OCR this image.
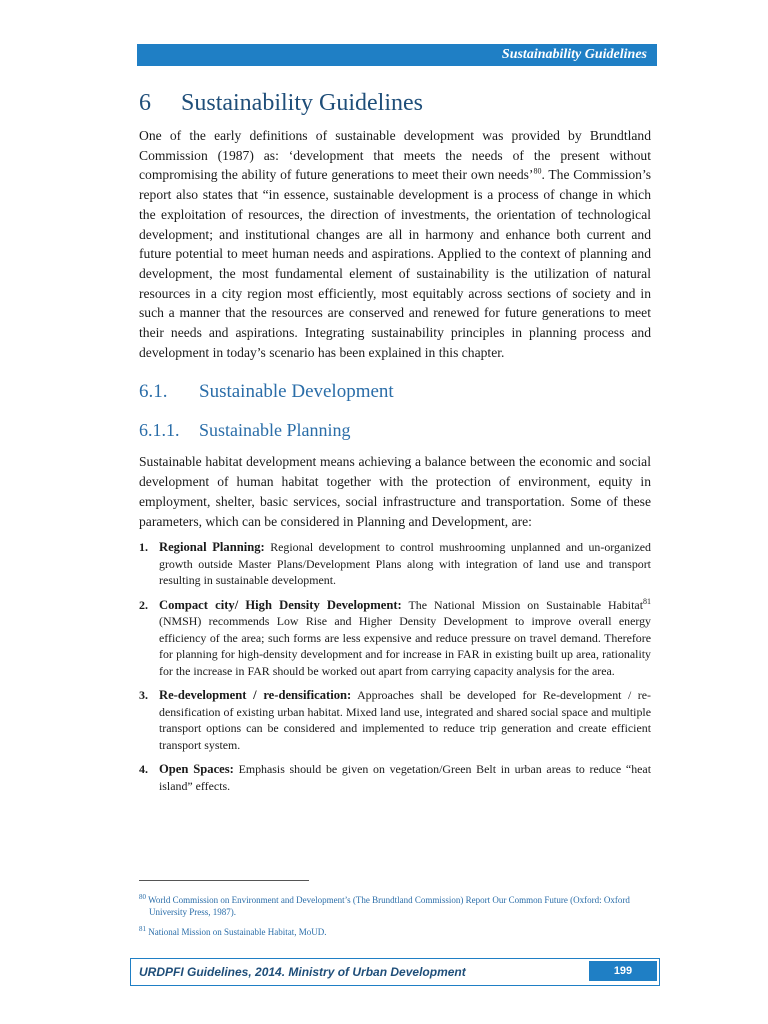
Sustainability Guidelines
6 Sustainability Guidelines

One of the early definitions of sustainable development was provided by Brundtland Commission (1987) as: ‘development that meets the needs of the present without compromising the ability of future generations to meet their own needs’$^{80}$. The Commission’s report also states that “in essence, sustainable development is a process of change in which the exploitation of resources, the direction of investments, the orientation of technological development; and institutional changes are all in harmony and enhance both current and future potential to meet human needs and aspirations. Applied to the context of planning and development, the most fundamental element of sustainability is the utilization of natural resources in a city region most efficiently, most equitably across sections of society and in such a manner that the resources are conserved and renewed for future generations to meet their needs and aspirations. Integrating sustainability principles in planning process and development in today’s scenario has been explained in this chapter.

6.1. Sustainable Development
6.1.1. Sustainable Planning

Sustainable habitat development means achieving a balance between the economic and social development of human habitat together with the protection of environment, equity in employment, shelter, basic services, social infrastructure and transportation. Some of these parameters, which can be considered in Planning and Development, are:

1. Regional Planning: Regional development to control mushrooming unplanned and un-organized growth outside Master Plans/Development Plans along with integration of land use and transport resulting in sustainable development.
2. Compact city/ High Density Development: The National Mission on Sustainable Habitat$^{81}$ (NMSH) recommends Low Rise and Higher Density Development to improve overall energy efficiency of the area; such forms are less expensive and reduce pressure on travel demand. Therefore for planning for high-density development and for increase in FAR in existing built up area, rationality for the increase in FAR should be worked out apart from carrying capacity analysis for the area.
3. Re-development / re-densification: Approaches shall be developed for Re-development / re-densification of existing urban habitat. Mixed land use, integrated and shared social space and multiple transport options can be considered and implemented to reduce trip generation and create efficient transport system.
4. Open Spaces: Emphasis should be given on vegetation/Green Belt in urban areas to reduce “heat island” effects.

$^{80}$ World Commission on Environment and Development’s (The Brundtland Commission) Report Our Common Future (Oxford: Oxford University Press, 1987).

$^{81}$ National Mission on Sustainable Habitat, MoUD.

URDPFI Guidelines, 2014. Ministry of Urban Development	199
